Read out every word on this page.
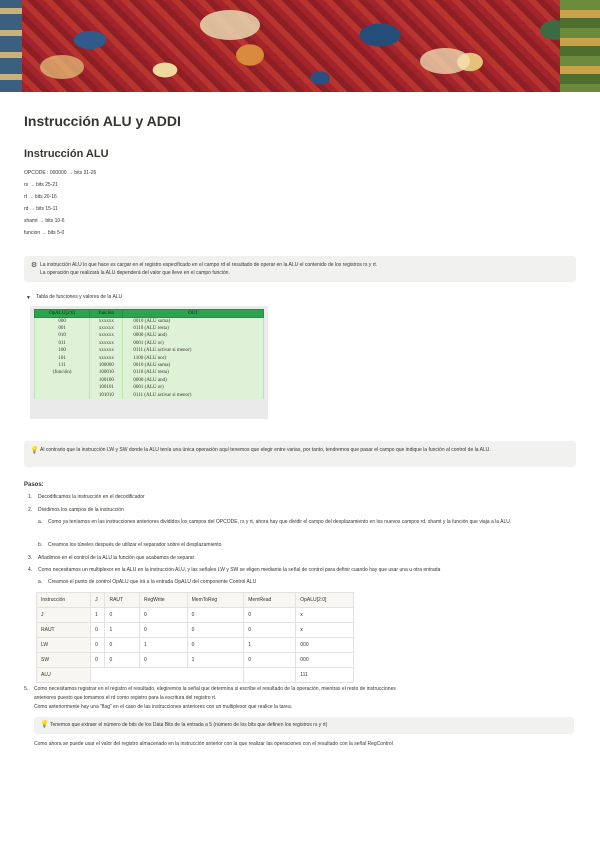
Instrucción ALU y ADDI
Instrucción ALU
OPCODE : 000000 → bits 31-26
rs → bits 25-21
rt → bits 20-16
rd → bits 15-11
shamt → bits 10-6
funcion → bits 5-0
⚙ La instrucción ALU lo que hace es cargar en el registro especificado en el campo rd el resultado de operar en la ALU el contenido de los registros rs y rt.
La operación que realizará la ALU dependerá del valor que lleve en el campo función.
▼ Tabla de funciones y valores de la ALU
OpALU[2:0]	función	OUT
000	xxxxxx	0010 (ALU suma)
001	xxxxxx	0110 (ALU resta)
010	xxxxxx	0000 (ALU and)
011	xxxxxx	0001 (ALU or)
100	xxxxxx	0111 (ALU activar si menor)
101	xxxxxx	1100 (ALU nor)
111	100000	0010 (ALU suma)
(función)	100010	0110 (ALU resta)
	100100	0000 (ALU and)
	100101	0001 (ALU or)
	101010	0111 (ALU activar si menor)
💡 Al contrario que la instrucción LW y SW donde la ALU tenía una única operación aquí tenemos que elegir entre varias, por tanto, tendremos que pasar el campo que indique la función al control de la ALU.
Pasos:
1. Decodificamos la instrucción en el decodificador
2. Dividimos los campos de la instrucción
a. Como ya teníamos en las instrucciones anteriores divididos los campos del OPCODE, rs y rt, ahora hay que dividir el campo del desplazamiento en los nuevos campos rd, shamt y la función que viaja a la ALU.
b. Creamos los túneles después de utilizar el separador sobre el desplazamiento
3. Añadimos en el control de la ALU la función que acabamos de separar
4. Como necesitamos un multiplexor en la ALU en la instrucción ALU, y las señales LW y SW se eligen mediante la señal de control para definir cuando hay que usar una u otra entrada
a. Creamos el punto de control OpALU que irá a la entrada OpALU del componente Control ALU
Instrucción	J	RAUT	RegWrite	MemToReg	MemRead	OpALU[2:0]
J	1	0	0	0	0	x
RAUT	0	1	0	0	0	x
LW	0	0	1	0	1	000
SW	0	0	0	1	0	000
ALU						111
5. Como necesitamos registrar en el registro el resultado, elegiremos la señal que determina si escribe el resultado de la operación, mientras el resto de instrucciones
anteriores puesto que tomamos el rd como registro para la escritura del registro rt.
Como anteriormente hay una "flag" en el caso de las instrucciones anteriores con un multiplexor que realice la tarea.
💡 Tenemos que extraer el número de bits de los Data Bits de la entrada a 5 (número de los bits que definen los registros rs y rt)
Como ahora se puede usar el valor del registro almacenado en la instrucción anterior con la que realizar las operaciones con el resultado con la señal RegControl
